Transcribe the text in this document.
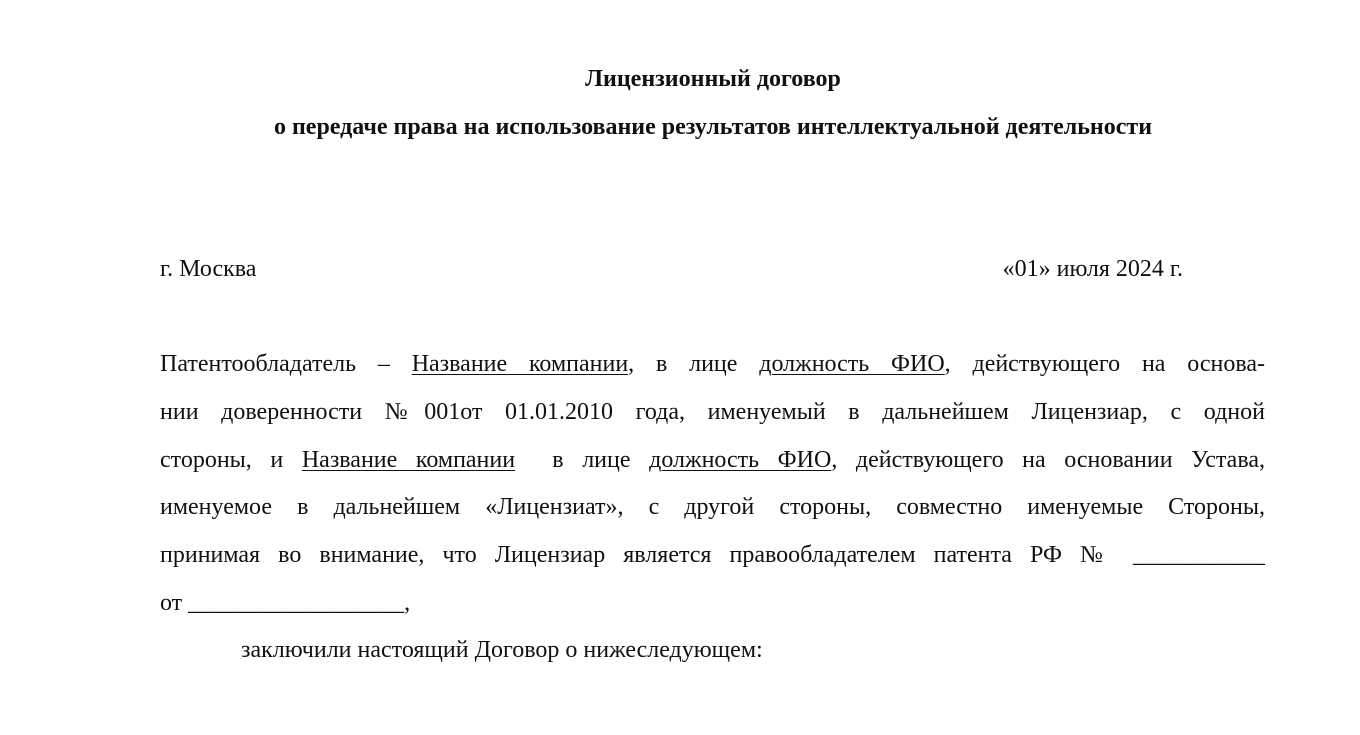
Лицензионный договор
о передаче права на использование результатов интеллектуальной деятельности
г. Москва	«01» июля 2024 г.
Патентообладатель – Название компании, в лице должность ФИО, действующего на основа-
нии доверенности №001от 01.01.2010 года, именуемый в дальнейшем Лицензиар, с одной
стороны, и Название компании  в лице должность ФИО, действующего на основании Устава,
именуемое в дальнейшем «Лицензиат», с другой стороны, совместно именуемые Стороны,
принимая во внимание, что Лицензиар является правообладателем патента РФ № ___________
от __________________,
заключили настоящий Договор о нижеследующем:
